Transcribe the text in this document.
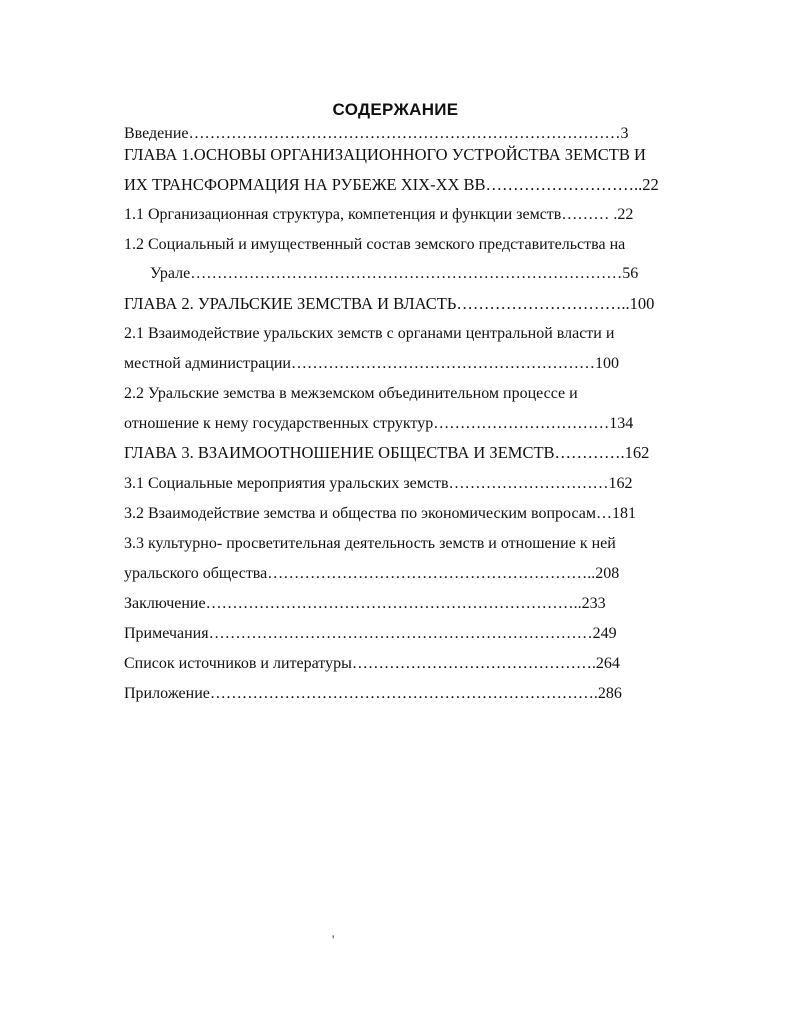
СОДЕРЖАНИЕ
Введение………………………………………………………………………3
ГЛАВА 1.ОСНОВЫ ОРГАНИЗАЦИОННОГО УСТРОЙСТВА ЗЕМСТВ И
ИХ ТРАНСФОРМАЦИЯ НА РУБЕЖЕ XIX-XX ВВ………………………..22
1.1 Организационная структура, компетенция и функции земств……… .22
1.2 Социальный и имущественный состав земского представительства на
Урале………………………………………………………………………56
ГЛАВА 2. УРАЛЬСКИЕ ЗЕМСТВА И ВЛАСТЬ…………………………..100
2.1 Взаимодействие уральских земств с органами центральной власти и
местной администрации…………………………………………………100
2.2 Уральские земства в межземском объединительном процессе и
отношение к нему государственных структур……………………………134
ГЛАВА 3. ВЗАИМООТНОШЕНИЕ ОБЩЕСТВА И ЗЕМСТВ………….162
3.1 Социальные мероприятия уральских земств…………………………162
3.2 Взаимодействие земства и общества по экономическим вопросам…181
3.3 культурно- просветительная деятельность земств и отношение к ней
уральского общества……………………………………………………..208
Заключение……………………………………………………………..233
Примечания………………………………………………………………249
Список источников и литературы……………………………………….264
Приложение……………………………………………………………….286
'
